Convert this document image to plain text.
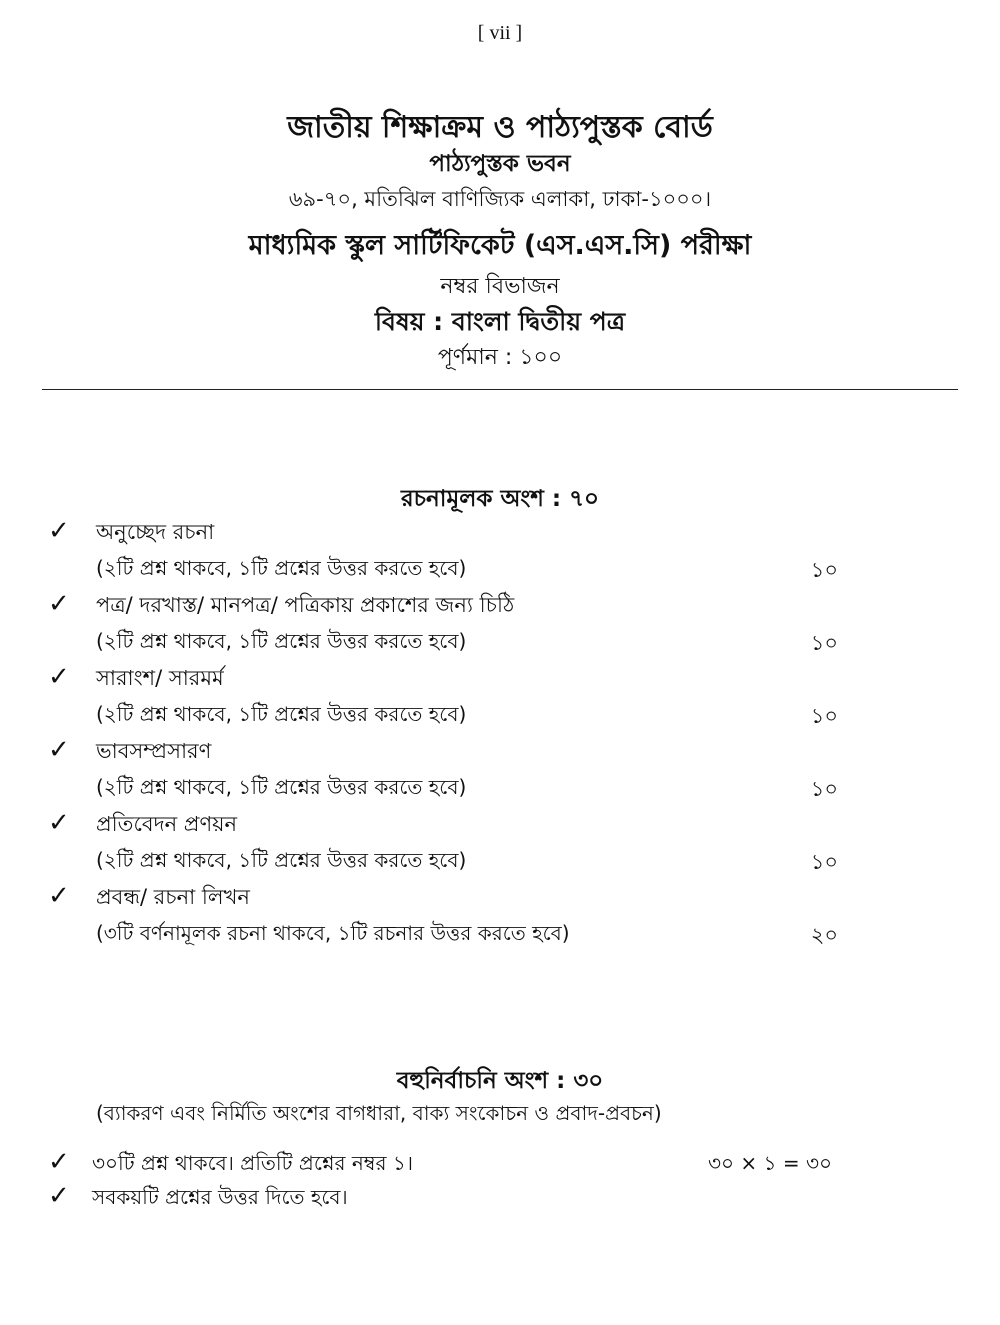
[ vii ]
জাতীয় শিক্ষাক্রম ও পাঠ্যপুস্তক বোর্ড
পাঠ্যপুস্তক ভবন
৬৯-৭০, মতিঝিল বাণিজ্যিক এলাকা, ঢাকা-১০০০।
মাধ্যমিক স্কুল সার্টিফিকেট (এস.এস.সি) পরীক্ষা
নম্বর বিভাজন
বিষয় : বাংলা দ্বিতীয় পত্র
পূর্ণমান : ১০০
রচনামূলক অংশ : ৭০
✓ অনুচ্ছেদ রচনা
(২টি প্রশ্ন থাকবে, ১টি প্রশ্নের উত্তর করতে হবে)	১০
✓ পত্র/ দরখাস্ত/ মানপত্র/ পত্রিকায় প্রকাশের জন্য চিঠি
(২টি প্রশ্ন থাকবে, ১টি প্রশ্নের উত্তর করতে হবে)	১০
✓ সারাংশ/ সারমর্ম
(২টি প্রশ্ন থাকবে, ১টি প্রশ্নের উত্তর করতে হবে)	১০
✓ ভাবসম্প্রসারণ
(২টি প্রশ্ন থাকবে, ১টি প্রশ্নের উত্তর করতে হবে)	১০
✓ প্রতিবেদন প্রণয়ন
(২টি প্রশ্ন থাকবে, ১টি প্রশ্নের উত্তর করতে হবে)	১০
✓ প্রবন্ধ/ রচনা লিখন
(৩টি বর্ণনামূলক রচনা থাকবে, ১টি রচনার উত্তর করতে হবে)	২০
বহুনির্বাচনি অংশ : ৩০
(ব্যাকরণ এবং নির্মিতি অংশের বাগধারা, বাক্য সংকোচন ও প্রবাদ-প্রবচন)
✓ ৩০টি প্রশ্ন থাকবে। প্রতিটি প্রশ্নের নম্বর ১।	৩০ × ১ = ৩০
✓ সবকয়টি প্রশ্নের উত্তর দিতে হবে।
